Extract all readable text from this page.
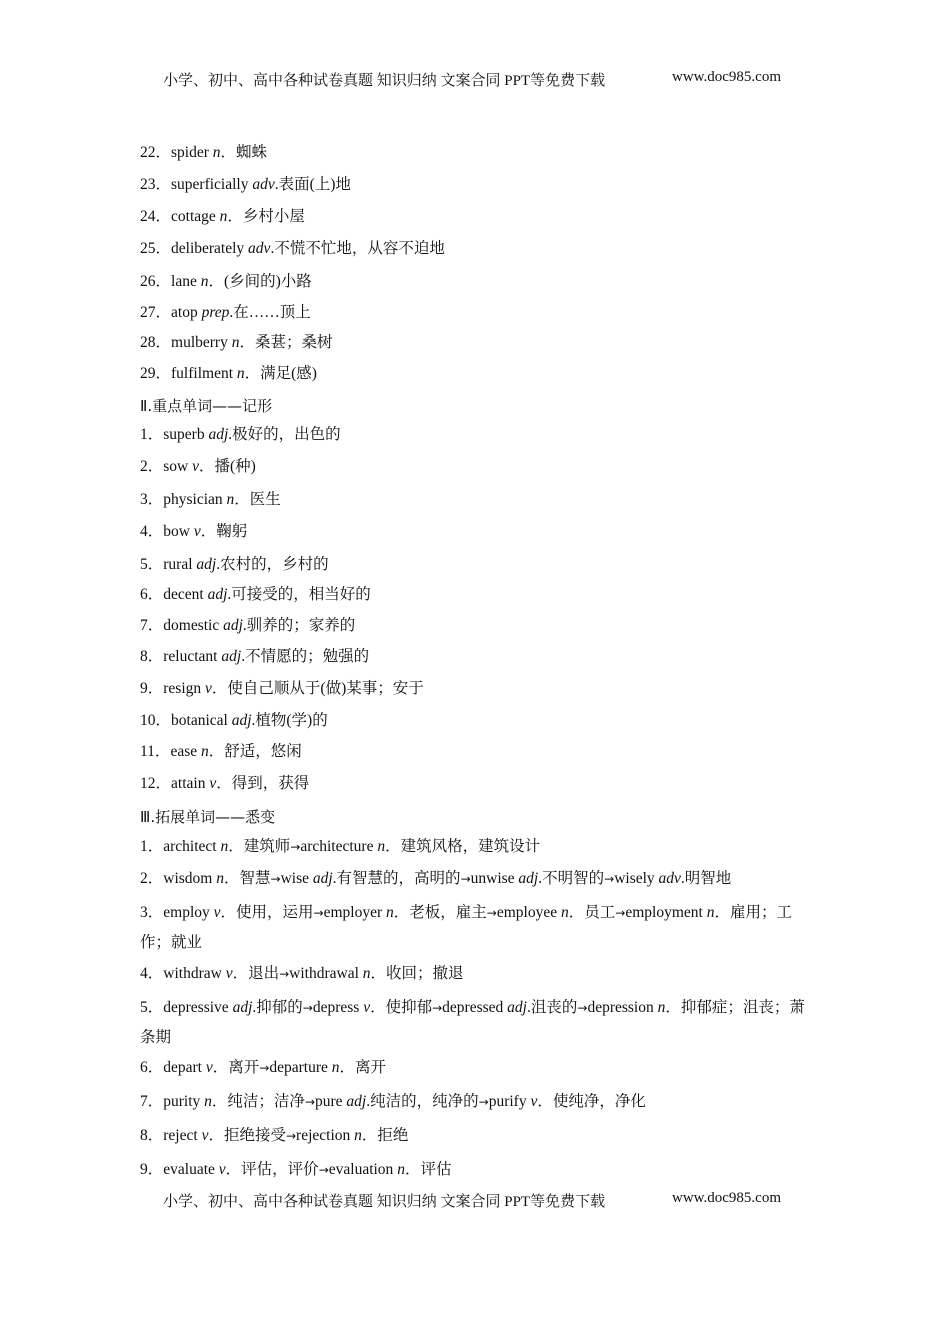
小学、初中、高中各种试卷真题 知识归纳 文案合同 PPT等免费下载	www.doc985.com
22．spider n．蜘蛛
23．superficially adv.表面(上)地
24．cottage n．乡村小屋
25．deliberately adv.不慌不忙地，从容不迫地
26．lane n．(乡间的)小路
27．atop prep.在……顶上
28．mulberry n．桑葚；桑树
29．fulfilment n．满足(感)
Ⅱ.重点单词——记形
1．superb adj.极好的，出色的
2．sow v．播(种)
3．physician n．医生
4．bow v．鞠躬
5．rural adj.农村的，乡村的
6．decent adj.可接受的，相当好的
7．domestic adj.驯养的；家养的
8．reluctant adj.不情愿的；勉强的
9．resign v．使自己顺从于(做)某事；安于
10．botanical adj.植物(学)的
11．ease n．舒适，悠闲
12．attain v．得到，获得
Ⅲ.拓展单词——悉变
1．architect n．建筑师→architecture n．建筑风格，建筑设计
2．wisdom n．智慧→wise adj.有智慧的，高明的→unwise adj.不明智的→wisely adv.明智地
3．employ v．使用，运用→employer n．老板，雇主→employee n．员工→employment n．雇用；工作；就业
4．withdraw v．退出→withdrawal n．收回；撤退
5．depressive adj.抑郁的→depress v．使抑郁→depressed adj.沮丧的→depression n．抑郁症；沮丧；萧条期
6．depart v．离开→departure n．离开
7．purity n．纯洁；洁净→pure adj.纯洁的，纯净的→purify v．使纯净，净化
8．reject v．拒绝接受→rejection n．拒绝
9．evaluate v．评估，评价→evaluation n．评估
小学、初中、高中各种试卷真题 知识归纳 文案合同 PPT等免费下载	www.doc985.com
